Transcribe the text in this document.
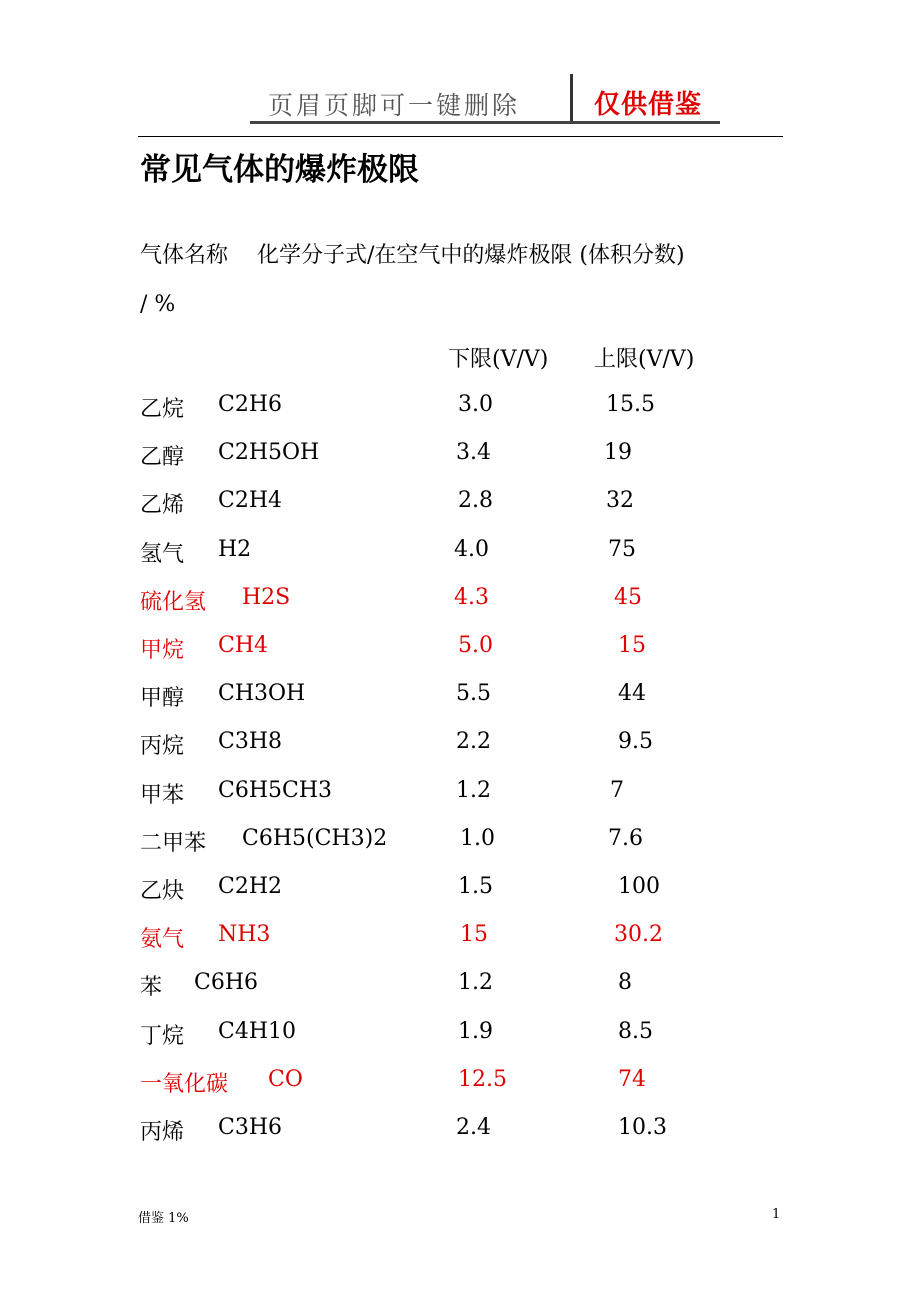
页眉页脚可一键删除	仅供借鉴
常见气体的爆炸极限
气体名称　 化学分子式/在空气中的爆炸极限 (体积分数)
/ %
下限(V/V) 上限(V/V)
乙烷 C2H6	3.0	15.5
乙醇 C2H5OH	3.4	19
乙烯 C2H4	2.8	32
氢气 H2	4.0	75
硫化氢 H2S	4.3	45
甲烷 CH4	5.0	15
甲醇 CH3OH	5.5	44
丙烷 C3H8	2.2	9.5
甲苯 C6H5CH3	1.2	7
二甲苯 C6H5(CH3)2	1.0	7.6
乙炔 C2H2	1.5	100
氨气 NH3	15	30.2
苯 C6H6	1.2	8
丁烷 C4H10	1.9	8.5
一氧化碳 CO	12.5	74
丙烯 C3H6	2.4	10.3
借鉴 1%	1
